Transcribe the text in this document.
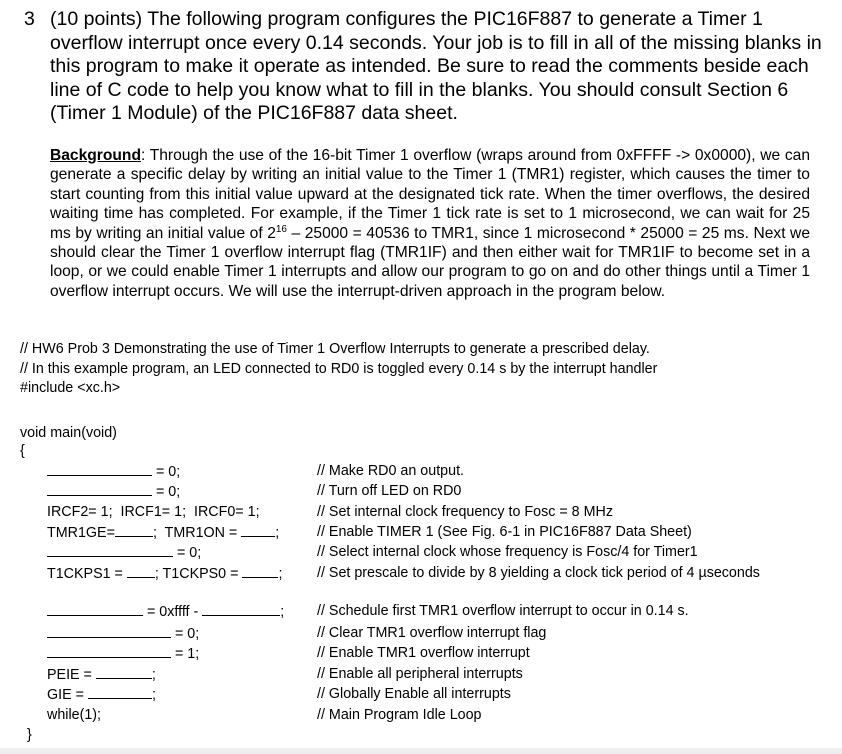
3 (10 points) The following program configures the PIC16F887 to generate a Timer 1 overflow interrupt once every 0.14 seconds. Your job is to fill in all of the missing blanks in this program to make it operate as intended. Be sure to read the comments beside each line of C code to help you know what to fill in the blanks. You should consult Section 6 (Timer 1 Module) of the PIC16F887 data sheet.
Background: Through the use of the 16-bit Timer 1 overflow (wraps around from 0xFFFF -> 0x0000), we can generate a specific delay by writing an initial value to the Timer 1 (TMR1) register, which causes the timer to start counting from this initial value upward at the designated tick rate. When the timer overflows, the desired waiting time has completed. For example, if the Timer 1 tick rate is set to 1 microsecond, we can wait for 25 ms by writing an initial value of $2^{16} - 25000 = 40536$ to TMR1, since 1 microsecond * 25000 = 25 ms. Next we should clear the Timer 1 overflow interrupt flag (TMR1IF) and then either wait for TMR1IF to become set in a loop, or we could enable Timer 1 interrupts and allow our program to go on and do other things until a Timer 1 overflow interrupt occurs. We will use the interrupt-driven approach in the program below.
// HW6 Prob 3 Demonstrating the use of Timer 1 Overflow Interrupts to generate a prescribed delay.
// In this example program, an LED connected to RD0 is toggled every 0.14 s by the interrupt handler
#include <xc.h>
void main(void)
{
= 0;	// Make RD0 an output.
= 0;	// Turn off LED on RD0
IRCF2= 1;  IRCF1= 1;  IRCF0= 1;	// Set internal clock frequency to Fosc = 8 MHz
TMR1GE=	;  TMR1ON =	;	// Enable TIMER 1 (See Fig. 6-1 in PIC16F887 Data Sheet)
= 0;	// Select internal clock whose frequency is Fosc/4 for Timer1
T1CKPS1 = ; T1CKPS0 =	; // Set prescale to divide by 8 yielding a clock tick period of 4 µseconds
= 0xffff -	; // Schedule first TMR1 overflow interrupt to occur in 0.14 s.
= 0;	// Clear TMR1 overflow interrupt flag
= 1;	// Enable TMR1 overflow interrupt
PEIE =	;	// Enable all peripheral interrupts
GIE =	;	// Globally Enable all interrupts
while(1);	// Main Program Idle Loop
}
